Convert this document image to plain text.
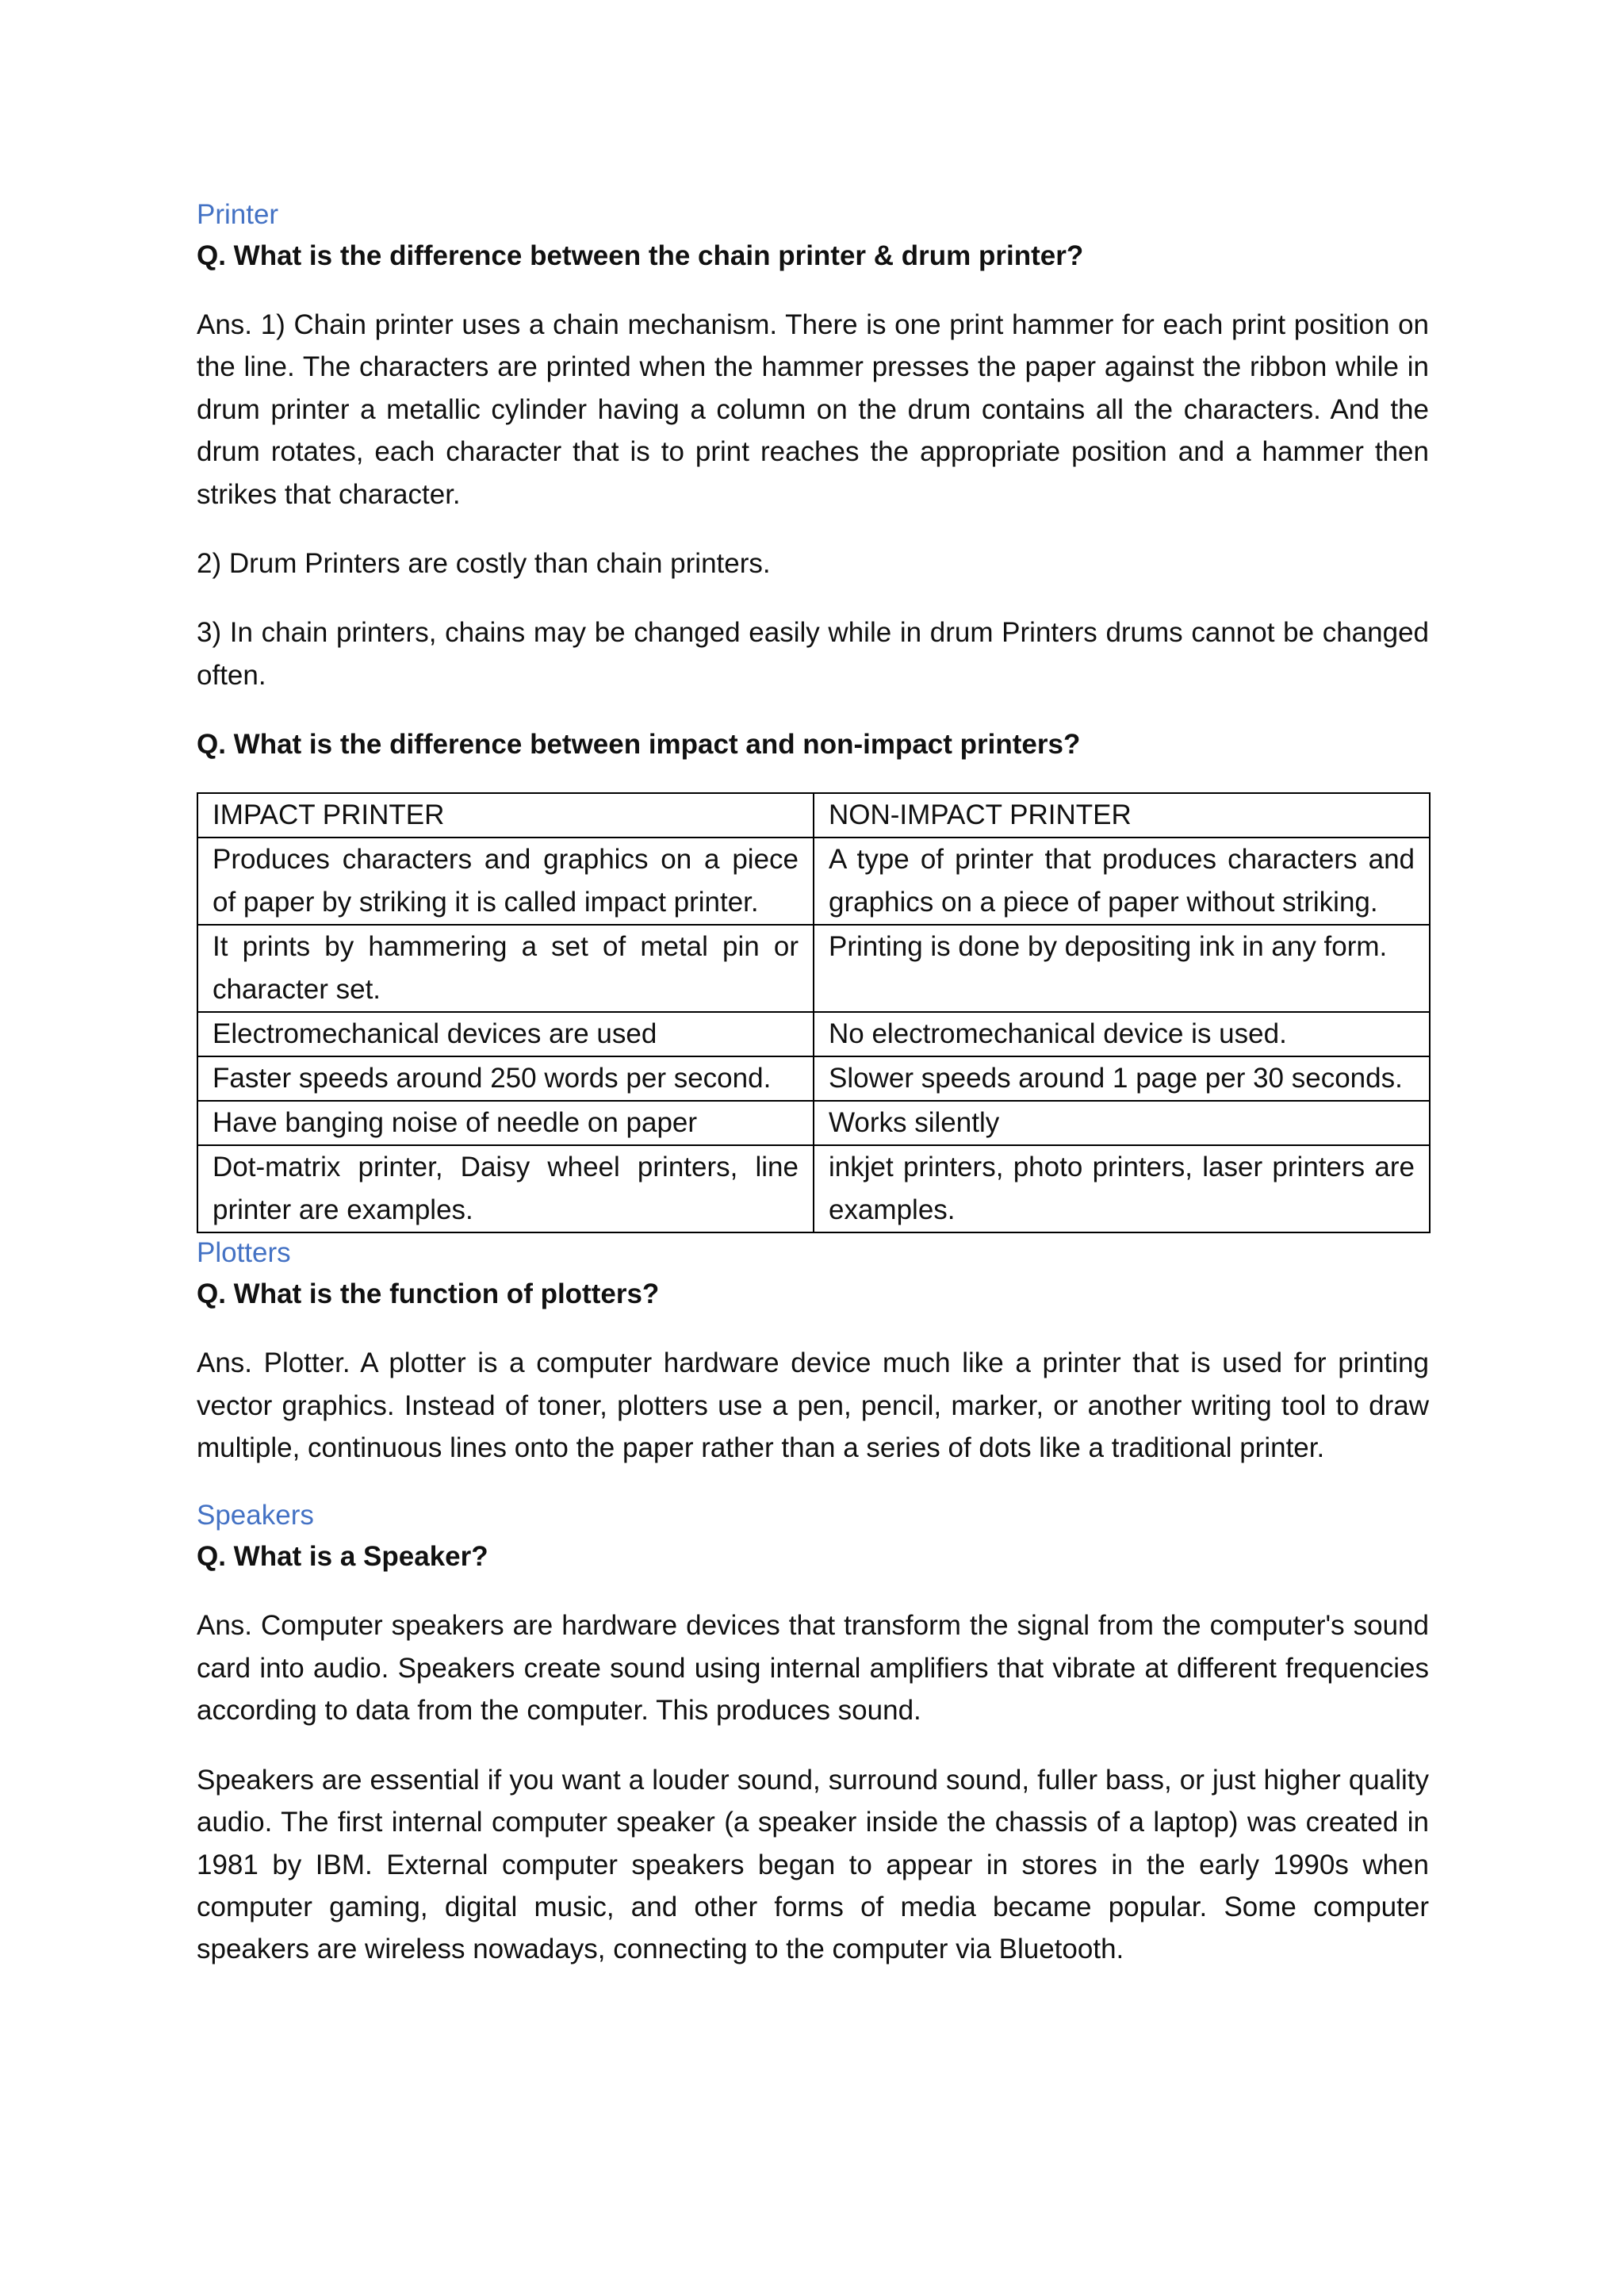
Printer

Q. What is the difference between the chain printer & drum printer?

Ans. 1) Chain printer uses a chain mechanism. There is one print hammer for each print position on the line. The characters are printed when the hammer presses the paper against the ribbon while in drum printer a metallic cylinder having a column on the drum contains all the characters. And the drum rotates, each character that is to print reaches the appropriate position and a hammer then strikes that character.

2) Drum Printers are costly than chain printers.

3) In chain printers, chains may be changed easily while in drum Printers drums cannot be changed often.

Q. What is the difference between impact and non-impact printers?

IMPACT PRINTER	NON-IMPACT PRINTER
Produces characters and graphics on a piece of paper by striking it is called impact printer.	A type of printer that produces characters and graphics on a piece of paper without striking.
It prints by hammering a set of metal pin or character set.	Printing is done by depositing ink in any form.
Electromechanical devices are used	No electromechanical device is used.
Faster speeds around 250 words per second.	Slower speeds around 1 page per 30 seconds.
Have banging noise of needle on paper	Works silently
Dot-matrix printer, Daisy wheel printers, line printer are examples.	inkjet printers, photo printers, laser printers are examples.
Plotters

Q. What is the function of plotters?

Ans. Plotter. A plotter is a computer hardware device much like a printer that is used for printing vector graphics. Instead of toner, plotters use a pen, pencil, marker, or another writing tool to draw multiple, continuous lines onto the paper rather than a series of dots like a traditional printer.

Speakers

Q. What is a Speaker?

Ans. Computer speakers are hardware devices that transform the signal from the computer's sound card into audio. Speakers create sound using internal amplifiers that vibrate at different frequencies according to data from the computer. This produces sound.

Speakers are essential if you want a louder sound, surround sound, fuller bass, or just higher quality audio. The first internal computer speaker (a speaker inside the chassis of a laptop) was created in 1981 by IBM. External computer speakers began to appear in stores in the early 1990s when computer gaming, digital music, and other forms of media became popular. Some computer speakers are wireless nowadays, connecting to the computer via Bluetooth.
